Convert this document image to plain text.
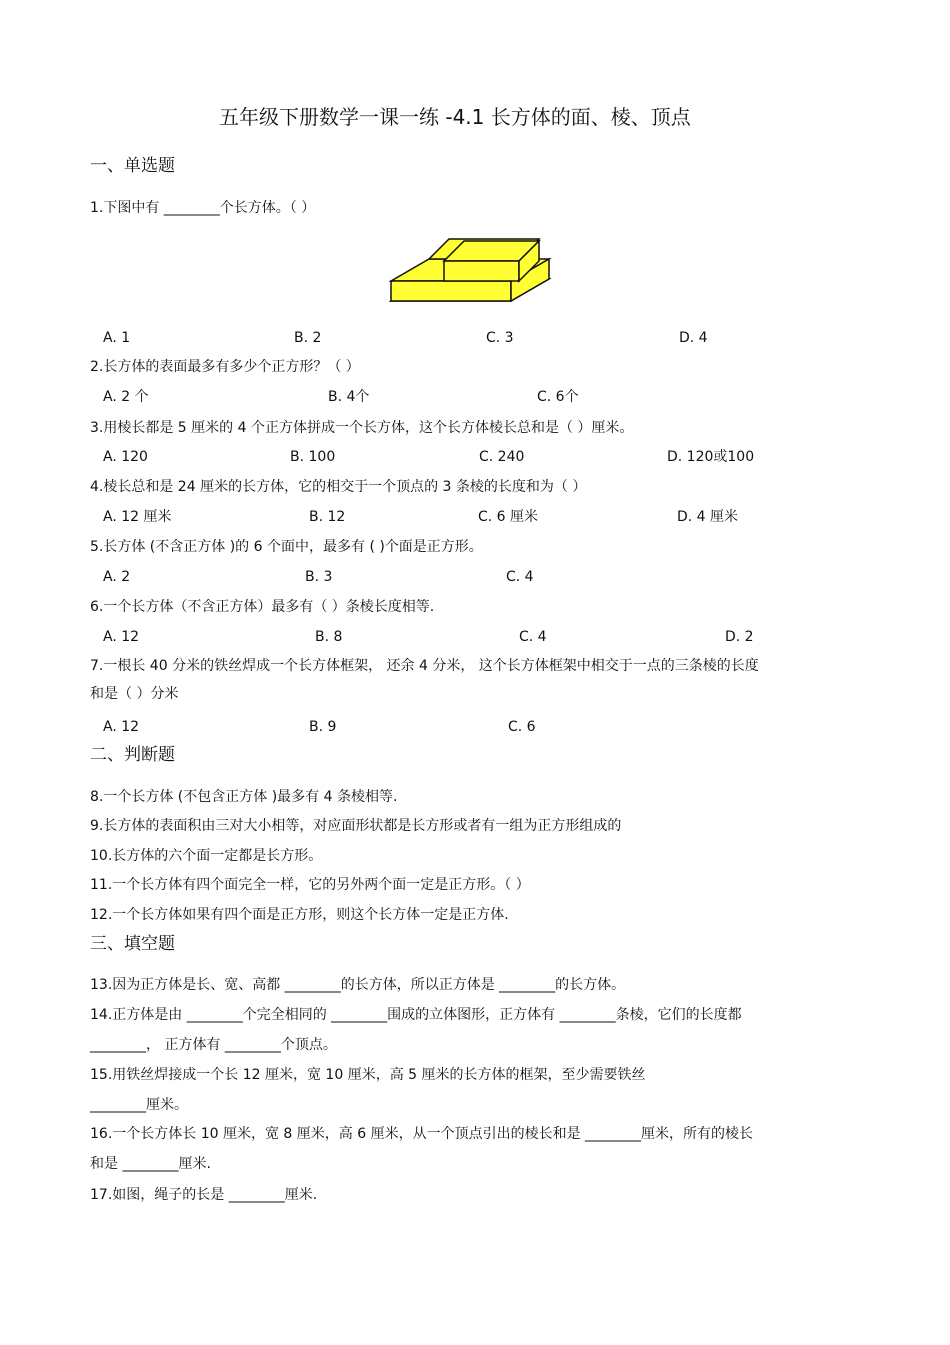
五年级下册数学一课一练 -4.1 长方体的面、棱、顶点
一、单选题
1.下图中有 ________个长方体。（ ）
A. 1	B. 2	C. 3	D. 4
2.长方体的表面最多有多少个正方形？（ ）
A. 2 个	B. 4个	C. 6个
3.用棱长都是 5 厘米的 4 个正方体拼成一个长方体，这个长方体棱长总和是（ ）厘米。
A. 120	B. 100	C. 240	D. 120或100
4.棱长总和是 24 厘米的长方体，它的相交于一个顶点的 3 条棱的长度和为（ ）
A. 12 厘米	B. 12	C. 6 厘米	D. 4 厘米
5.长方体 (不含正方体 )的 6 个面中，最多有 ( )个面是正方形。
A. 2	B. 3	C. 4
6.一个长方体（不含正方体）最多有（ ）条棱长度相等.
A. 12	B. 8	C. 4	D. 2
7.一根长 40 分米的铁丝焊成一个长方体框架， 还余 4 分米， 这个长方体框架中相交于一点的三条棱的长度
和是（ ）分米
A. 12	B. 9	C. 6
二、判断题
8.一个长方体 (不包含正方体 )最多有 4 条棱相等.
9.长方体的表面积由三对大小相等，对应面形状都是长方形或者有一组为正方形组成的
10.长方体的六个面一定都是长方形。
11.一个长方体有四个面完全一样，它的另外两个面一定是正方形。（ ）
12.一个长方体如果有四个面是正方形，则这个长方体一定是正方体.
三、填空题
13.因为正方体是长、宽、高都 ________的长方体，所以正方体是 ________的长方体。
14.正方体是由 ________个完全相同的 ________围成的立体图形，正方体有 ________条棱，它们的长度都
________， 正方体有 ________个顶点。
15.用铁丝焊接成一个长 12 厘米，宽 10 厘米，高 5 厘米的长方体的框架，至少需要铁丝
________厘米。
16.一个长方体长 10 厘米，宽 8 厘米，高 6 厘米，从一个顶点引出的棱长和是 ________厘米，所有的棱长
和是 ________厘米.
17.如图，绳子的长是 ________厘米.
